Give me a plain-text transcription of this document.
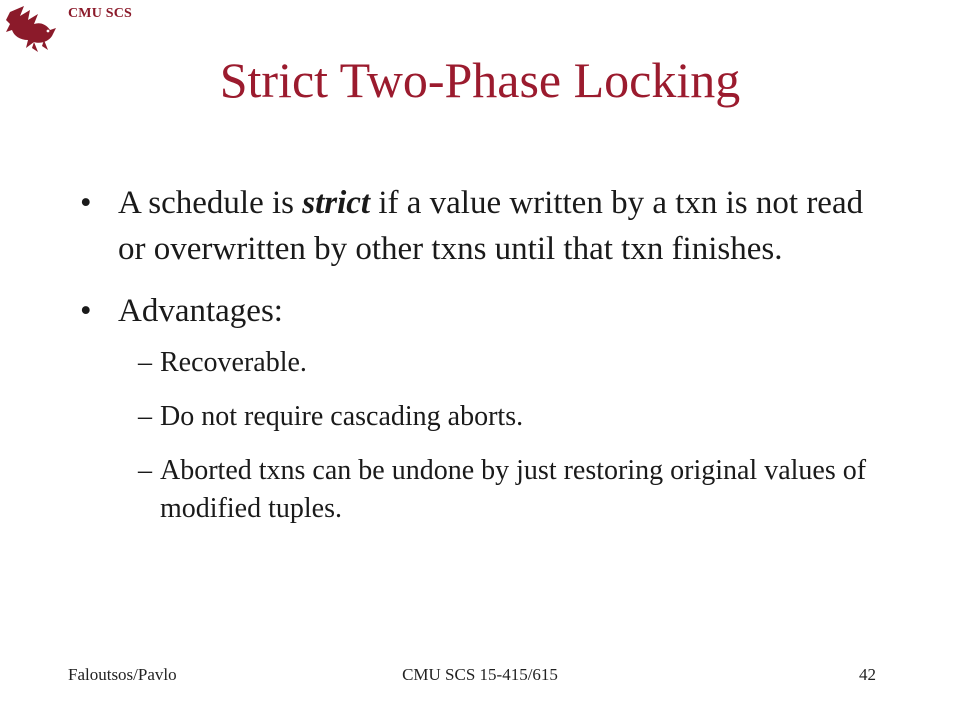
CMU SCS
Strict Two-Phase Locking
• A schedule is strict if a value written by a txn is not read or overwritten by other txns until that txn finishes.
• Advantages:
– Recoverable.
– Do not require cascading aborts.
– Aborted txns can be undone by just restoring original values of modified tuples.
Faloutsos/Pavlo	CMU SCS 15-415/615	42
